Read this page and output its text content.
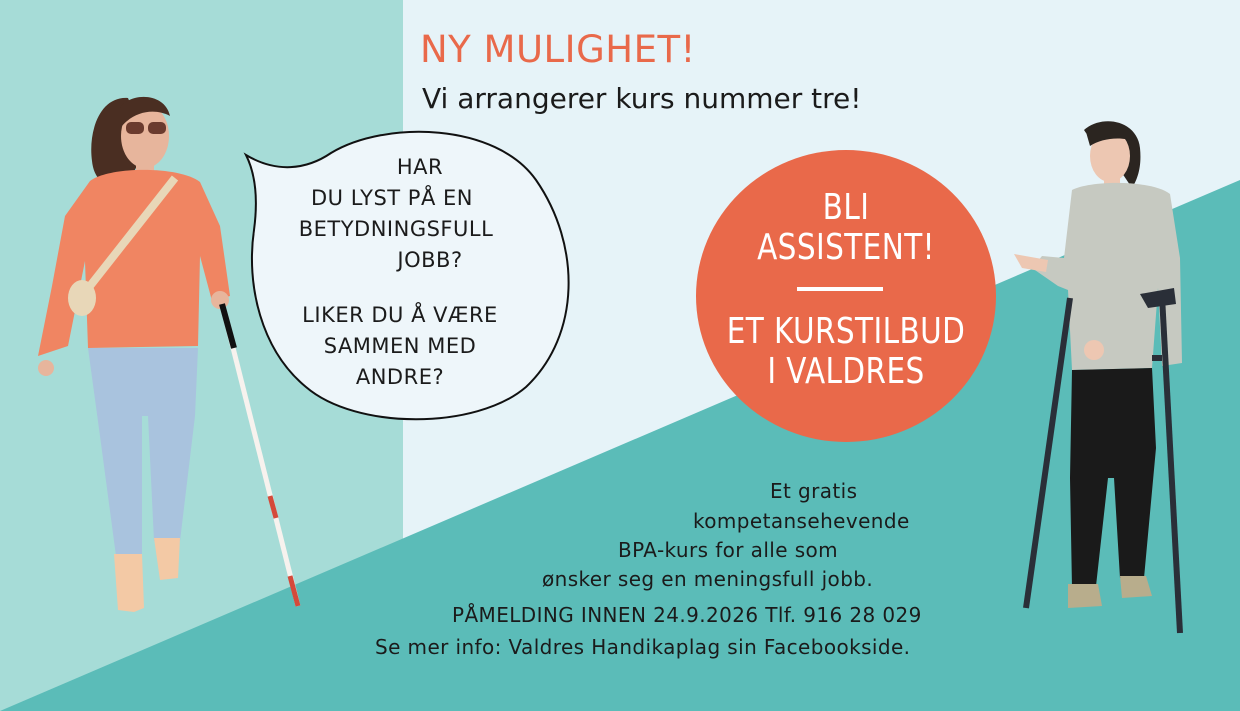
NY MULIGHET!
Vi arrangerer kurs nummer tre!
HAR
DU LYST PÅ EN
BETYDNINGSFULL
JOBB?
LIKER DU Å VÆRE
SAMMEN MED
ANDRE?
BLI
ASSISTENT!
ET KURSTILBUD
I VALDRES
Et gratis
kompetansehevende
BPA-kurs for alle som
ønsker seg en meningsfull jobb.
PÅMELDING INNEN 24.9.2026 Tlf. 916 28 029
Se mer info: Valdres Handikaplag sin Facebookside.
